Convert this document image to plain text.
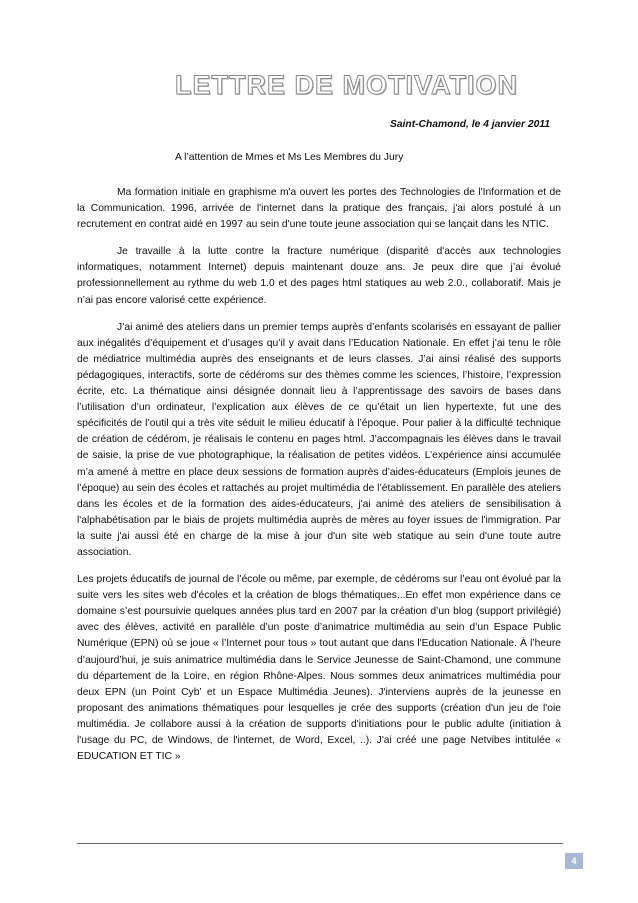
LETTRE DE MOTIVATION
Saint-Chamond, le 4 janvier 2011
A l’attention de Mmes et Ms Les Membres du Jury

Ma formation initiale en graphisme m'a ouvert les portes des Technologies de l'Information et de la Communication. 1996, arrivée de l'internet dans la pratique des français, j'ai alors postulé à un recrutement en contrat aidé en 1997 au sein d'une toute jeune association qui se lançait dans les NTIC.

Je travaille à la lutte contre la fracture numérique (disparité d'accès aux technologies informatiques, notamment Internet) depuis maintenant douze ans. Je peux dire que j’ai évolué professionnellement au rythme du web 1.0 et des pages html statiques au web 2.0., collaboratif. Mais je n’ai pas encore valorisé cette expérience.

J’ai animé des ateliers dans un premier temps auprès d’enfants scolarisés en essayant de pallier aux inégalités d’équipement et d’usages qu’il y avait dans l’Education Nationale. En effet j’ai tenu le rôle de médiatrice multimédia auprès des enseignants et de leurs classes. J’ai ainsi réalisé des supports pédagogiques, interactifs, sorte de cédéroms sur des thèmes comme les sciences, l’histoire, l’expression écrite, etc. La thématique ainsi désignée donnait lieu à l’apprentissage des savoirs de bases dans l’utilisation d’un ordinateur, l’explication aux élèves de ce qu’était un lien hypertexte, fut une des spécificités de l’outil qui a très vite séduit le milieu éducatif à l’époque. Pour palier à la difficulté technique de création de cédérom, je réalisais le contenu en pages html. J’accompagnais les élèves dans le travail de saisie, la prise de vue photographique, la réalisation de petites vidéos. L’expérience ainsi accumulée m’a amené à mettre en place deux sessions de formation auprès d’aides-éducateurs (Emplois jeunes de l’époque) au sein des écoles et rattachés au projet multimédia de l’établissement. En parallèle des ateliers dans les écoles et de la formation des aides-éducateurs, j'ai animé des ateliers de sensibilisation à l'alphabétisation par le biais de projets multimédia auprès de mères au foyer issues de l'immigration. Par la suite j'ai aussi été en charge de la mise à jour d'un site web statique au sein d'une toute autre association.

Les projets éducatifs de journal de l’école ou même, par exemple, de cédéroms sur l’eau ont évolué par la suite vers les sites web d'écoles et la création de blogs thématiques...En effet mon expérience dans ce domaine s’est poursuivie quelques années plus tard en 2007 par la création d’un blog (support privilégié) avec des élèves, activité en parallèle d’un poste d’animatrice multimédia au sein d’un Espace Public Numérique (EPN) où se joue « l’Internet pour tous » tout autant que dans l'Education Nationale. À l’heure d’aujourd’hui, je suis animatrice multimédia dans le Service Jeunesse de Saint-Chamond, une commune du département de la Loire, en région Rhône-Alpes. Nous sommes deux animatrices multimédia pour deux EPN (un Point Cyb’ et un Espace Multimédia Jeunes). J'interviens auprès de la jeunesse en proposant des animations thématiques pour lesquelles je crée des supports (création d'un jeu de l'oie multimédia. Je collabore aussi à la création de supports d'initiations pour le public adulte (initiation à l'usage du PC, de Windows, de l'internet, de Word, Excel, ..). J'ai créé une page Netvibes intitulée « EDUCATION ET TIC »

4
